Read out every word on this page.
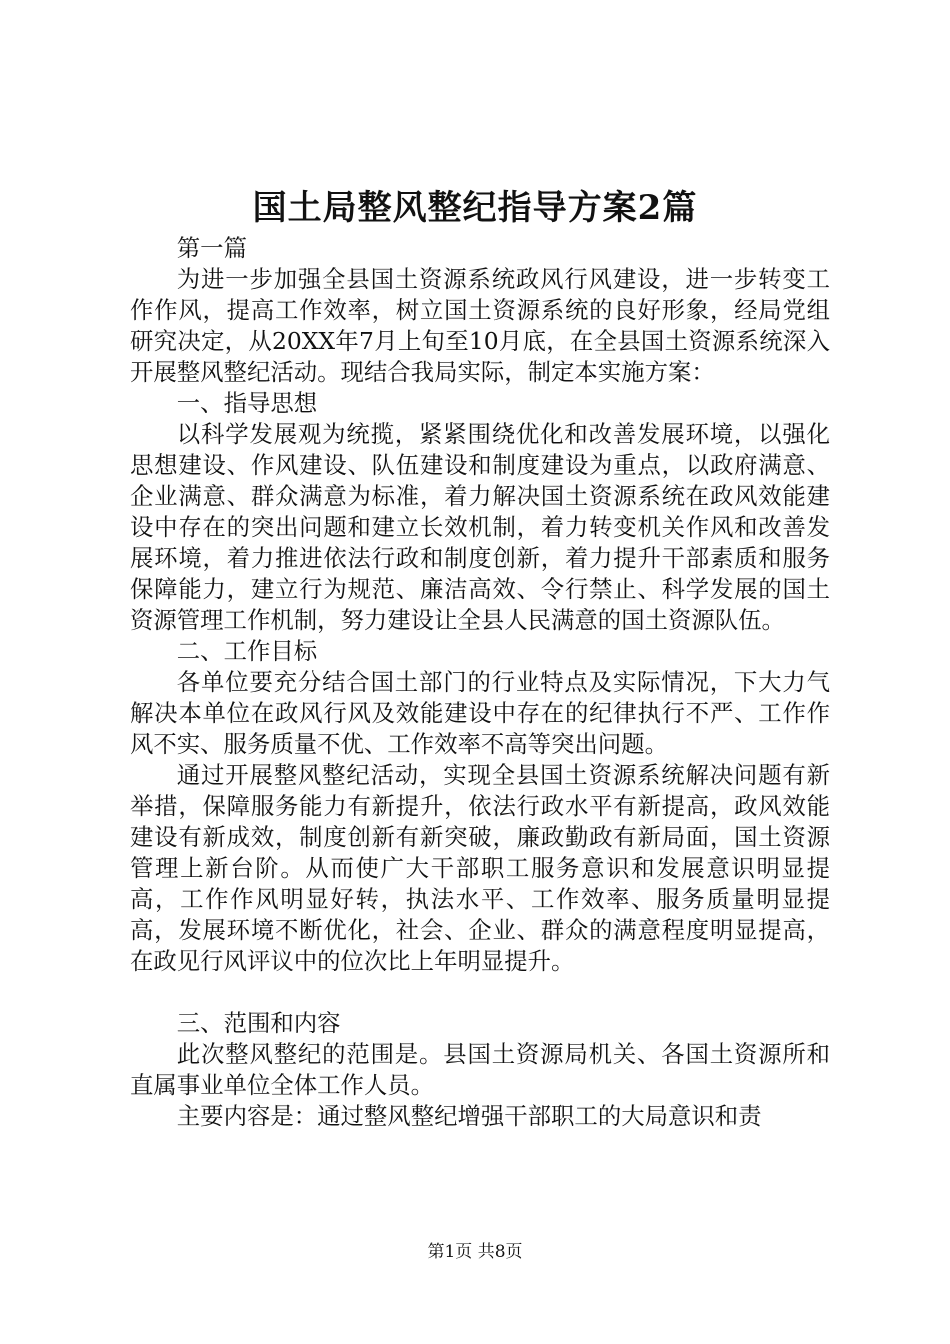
国土局整风整纪指导方案2篇

第一篇

为进一步加强全县国土资源系统政风行风建设，进一步转变工作作风，提高工作效率，树立国土资源系统的良好形象，经局党组研究决定，从20XX年7月上旬至10月底，在全县国土资源系统深入开展整风整纪活动。现结合我局实际，制定本实施方案：

一、指导思想

以科学发展观为统揽，紧紧围绕优化和改善发展环境，以强化思想建设、作风建设、队伍建设和制度建设为重点，以政府满意、企业满意、群众满意为标准，着力解决国土资源系统在政风效能建设中存在的突出问题和建立长效机制，着力转变机关作风和改善发展环境，着力推进依法行政和制度创新，着力提升干部素质和服务保障能力，建立行为规范、廉洁高效、令行禁止、科学发展的国土资源管理工作机制，努力建设让全县人民满意的国土资源队伍。

二、工作目标

各单位要充分结合国土部门的行业特点及实际情况，下大力气解决本单位在政风行风及效能建设中存在的纪律执行不严、工作作风不实、服务质量不优、工作效率不高等突出问题。

通过开展整风整纪活动，实现全县国土资源系统解决问题有新举措，保障服务能力有新提升，依法行政水平有新提高，政风效能建设有新成效，制度创新有新突破，廉政勤政有新局面，国土资源管理上新台阶。从而使广大干部职工服务意识和发展意识明显提高，工作作风明显好转，执法水平、工作效率、服务质量明显提高，发展环境不断优化，社会、企业、群众的满意程度明显提高，在政见行风评议中的位次比上年明显提升。

三、范围和内容

此次整风整纪的范围是。县国土资源局机关、各国土资源所和直属事业单位全体工作人员。

主要内容是：通过整风整纪增强干部职工的大局意识和责

第1页 共8页
